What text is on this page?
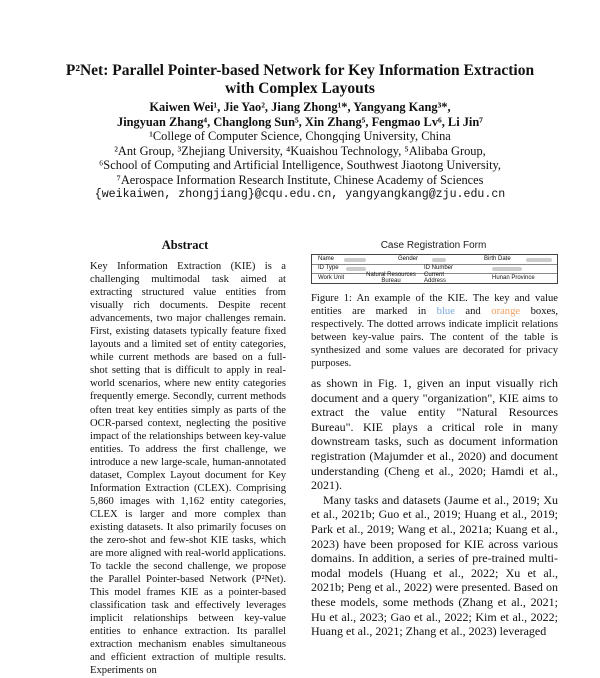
P²Net: Parallel Pointer-based Network for Key Information Extraction
with Complex Layouts
Kaiwen Wei¹, Jie Yao², Jiang Zhong¹*, Yangyang Kang³*,
Jingyuan Zhang⁴, Changlong Sun⁵, Xin Zhang⁵, Fengmao Lv⁶, Li Jin⁷
¹College of Computer Science, Chongqing University, China
²Ant Group, ³Zhejiang University, ⁴Kuaishou Technology, ⁵Alibaba Group,
⁶School of Computing and Artificial Intelligence, Southwest Jiaotong University,
⁷Aerospace Information Research Institute, Chinese Academy of Sciences
{weikaiwen, zhongjiang}@cqu.edu.cn, yangyangkang@zju.edu.cn
Abstract
Key Information Extraction (KIE) is a challenging multimodal task aimed at extracting structured value entities from visually rich documents. Despite recent advancements, two major challenges remain. First, existing datasets typically feature fixed layouts and a limited set of entity categories, while current methods are based on a full-shot setting that is difficult to apply in real-world scenarios, where new entity categories frequently emerge. Secondly, current methods often treat key entities simply as parts of the OCR-parsed context, neglecting the positive impact of the relationships between key-value entities. To address the first challenge, we introduce a new large-scale, human-annotated dataset, Complex Layout document for Key Information Extraction (CLEX). Comprising 5,860 images with 1,162 entity categories, CLEX is larger and more complex than existing datasets. It also primarily focuses on the zero-shot and few-shot KIE tasks, which are more aligned with real-world applications. To tackle the second challenge, we propose the Parallel Pointer-based Network (P²Net). This model frames KIE as a pointer-based classification task and effectively leverages implicit relationships between key-value entities to enhance extraction. Its parallel extraction mechanism enables simultaneous and efficient extraction of multiple results. Experiments on
Case Registration Form
Name	Gender	Birth Date
ID Type	ID Number
Work Unit	Natural Resources Bureau
Current Address	Hunan Province
Figure 1: An example of the KIE. The key and value entities are marked in blue and orange boxes, respectively. The dotted arrows indicate implicit relations between key-value pairs. The content of the table is synthesized and some values are decorated for privacy purposes.

as shown in Fig. 1, given an input visually rich document and a query "organization", KIE aims to extract the value entity "Natural Resources Bureau". KIE plays a critical role in many downstream tasks, such as document information registration (Majumder et al., 2020) and document understanding (Cheng et al., 2020; Hamdi et al., 2021).

Many tasks and datasets (Jaume et al., 2019; Xu et al., 2021b; Guo et al., 2019; Huang et al., 2019; Park et al., 2019; Wang et al., 2021a; Kuang et al., 2023) have been proposed for KIE across various domains. In addition, a series of pre-trained multi-modal models (Huang et al., 2022; Xu et al., 2021b; Peng et al., 2022) were presented. Based on these models, some methods (Zhang et al., 2021; Hu et al., 2023; Gao et al., 2022; Kim et al., 2022; Huang et al., 2021; Zhang et al., 2023) leveraged
